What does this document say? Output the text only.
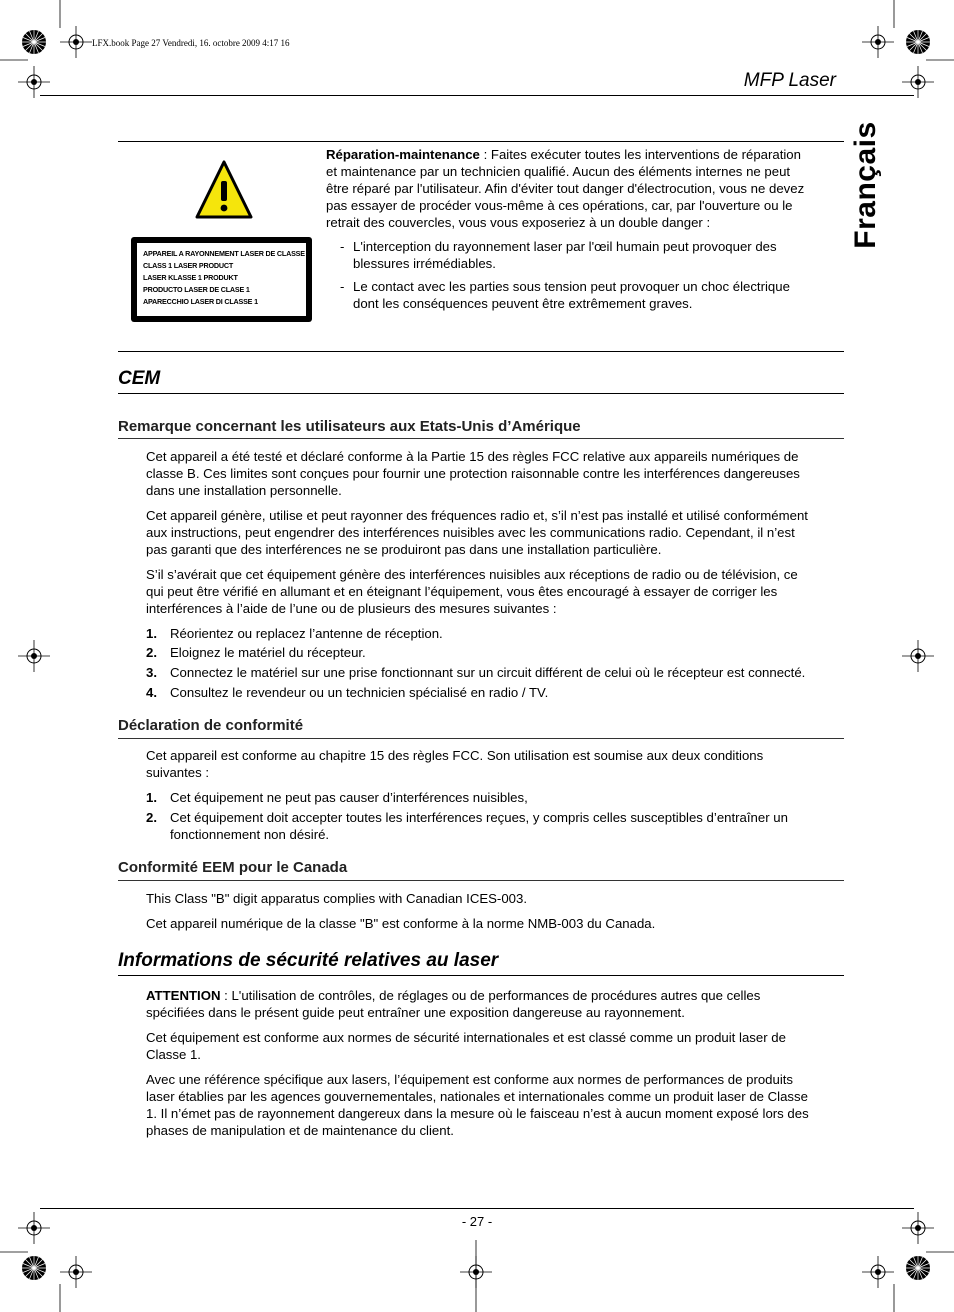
LFX.book Page 27 Vendredi, 16. octobre 2009 4:17 16
MFP Laser
Français
APPAREIL A RAYONNEMENT LASER DE CLASSE 1
CLASS 1 LASER PRODUCT
LASER KLASSE 1 PRODUKT
PRODUCTO LASER DE CLASE 1
APARECCHIO LASER DI CLASSE 1
Réparation-maintenance : Faites exécuter toutes les interventions de réparation
et maintenance par un technicien qualifié. Aucun des éléments internes ne peut
être réparé par l'utilisateur. Afin d'éviter tout danger d'électrocution, vous ne devez
pas essayer de procéder vous-même à ces opérations, car, par l'ouverture ou le
retrait des couvercles, vous vous exposeriez à un double danger :
- L'interception du rayonnement laser par l'œil humain peut provoquer des
blessures irrémédiables.
- Le contact avec les parties sous tension peut provoquer un choc électrique
dont les conséquences peuvent être extrêmement graves.
CEM
Remarque concernant les utilisateurs aux Etats-Unis d’Amérique
Cet appareil a été testé et déclaré conforme à la Partie 15 des règles FCC relative aux appareils numériques de
classe B. Ces limites sont conçues pour fournir une protection raisonnable contre les interférences dangereuses
dans une installation personnelle.
Cet appareil génère, utilise et peut rayonner des fréquences radio et, s’il n’est pas installé et utilisé conformément
aux instructions, peut engendrer des interférences nuisibles avec les communications radio. Cependant, il n’est
pas garanti que des interférences ne se produiront pas dans une installation particulière.
S’il s’avérait que cet équipement génère des interférences nuisibles aux réceptions de radio ou de télévision, ce
qui peut être vérifié en allumant et en éteignant l’équipement, vous êtes encouragé à essayer de corriger les
interférences à l’aide de l’une ou de plusieurs des mesures suivantes :
1. Réorientez ou replacez l’antenne de réception.
2. Eloignez le matériel du récepteur.
3. Connectez le matériel sur une prise fonctionnant sur un circuit différent de celui où le récepteur est connecté.
4. Consultez le revendeur ou un technicien spécialisé en radio / TV.
Déclaration de conformité
Cet appareil est conforme au chapitre 15 des règles FCC. Son utilisation est soumise aux deux conditions
suivantes :
1. Cet équipement ne peut pas causer d’interférences nuisibles,
2. Cet équipement doit accepter toutes les interférences reçues, y compris celles susceptibles d’entraîner un
fonctionnement non désiré.
Conformité EEM pour le Canada
This Class "B" digit apparatus complies with Canadian ICES-003.
Cet appareil numérique de la classe "B" est conforme à la norme NMB-003 du Canada.
Informations de sécurité relatives au laser
ATTENTION : L'utilisation de contrôles, de réglages ou de performances de procédures autres que celles
spécifiées dans le présent guide peut entraîner une exposition dangereuse au rayonnement.
Cet équipement est conforme aux normes de sécurité internationales et est classé comme un produit laser de
Classe 1.
Avec une référence spécifique aux lasers, l’équipement est conforme aux normes de performances de produits
laser établies par les agences gouvernementales, nationales et internationales comme un produit laser de Classe
1. Il n’émet pas de rayonnement dangereux dans la mesure où le faisceau n’est à aucun moment exposé lors des
phases de manipulation et de maintenance du client.
- 27 -
